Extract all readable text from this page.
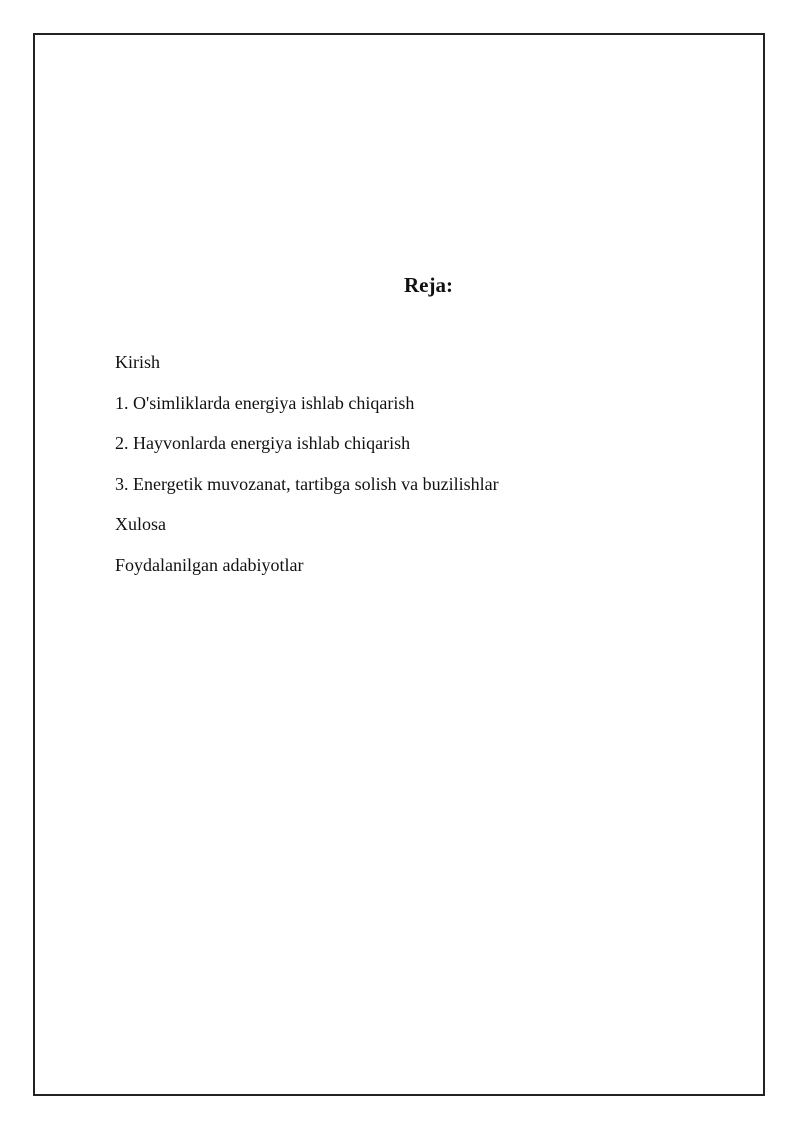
Reja:
Kirish
1. O'simliklarda energiya ishlab chiqarish
2. Hayvonlarda energiya ishlab chiqarish
3. Energetik muvozanat, tartibga solish va buzilishlar
Xulosa
Foydalanilgan adabiyotlar
